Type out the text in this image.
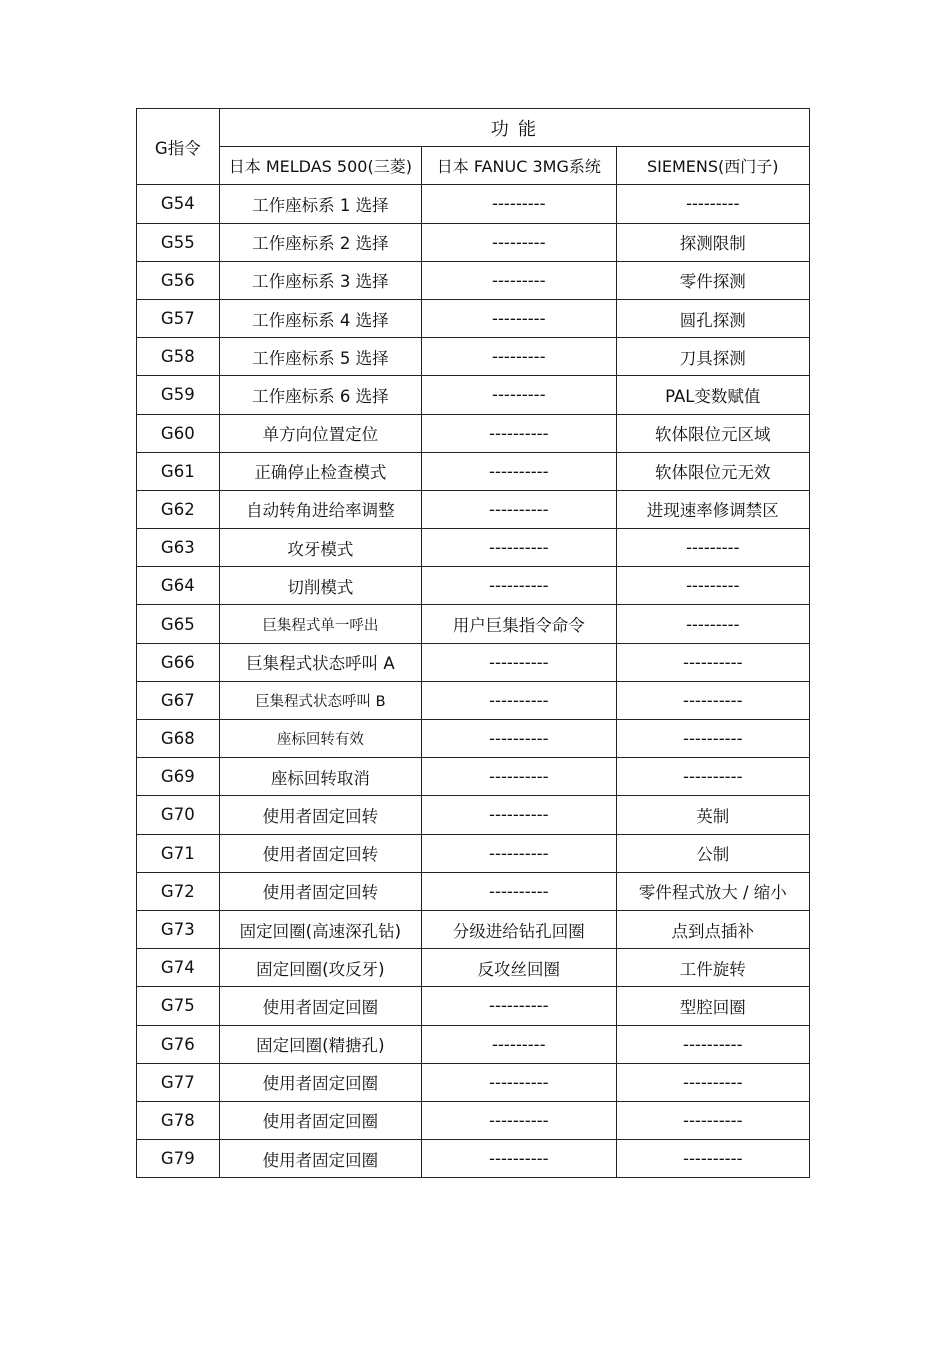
G指令	功 能		
	日本 MELDAS 500(三菱)	日本 FANUC 3MG系统	SIEMENS(西门子)
G54	工作座标系 1 选择	---------	---------
G55	工作座标系 2 选择	---------	探测限制
G56	工作座标系 3 选择	---------	零件探测
G57	工作座标系 4 选择	---------	圆孔探测
G58	工作座标系 5 选择	---------	刀具探测
G59	工作座标系 6 选择	---------	PAL变数赋值
G60	单方向位置定位	----------	软体限位元区域
G61	正确停止检查模式	----------	软体限位元无效
G62	自动转角进给率调整	----------	进现速率修调禁区
G63	攻牙模式	----------	---------
G64	切削模式	----------	---------
G65	巨集程式单一呼出	用户巨集指令命令	---------
G66	巨集程式状态呼叫 A	----------	----------
G67	巨集程式状态呼叫 B	----------	----------
G68	座标回转有效	----------	----------
G69	座标回转取消	----------	----------
G70	使用者固定回转	----------	英制
G71	使用者固定回转	----------	公制
G72	使用者固定回转	----------	零件程式放大 / 缩小
G73	固定回圈(高速深孔钻)	分级进给钻孔回圈	点到点插补
G74	固定回圈(攻反牙)	反攻丝回圈	工件旋转
G75	使用者固定回圈	----------	型腔回圈
G76	固定回圈(精搪孔)	---------	----------
G77	使用者固定回圈	----------	----------
G78	使用者固定回圈	----------	----------
G79	使用者固定回圈	----------	----------
